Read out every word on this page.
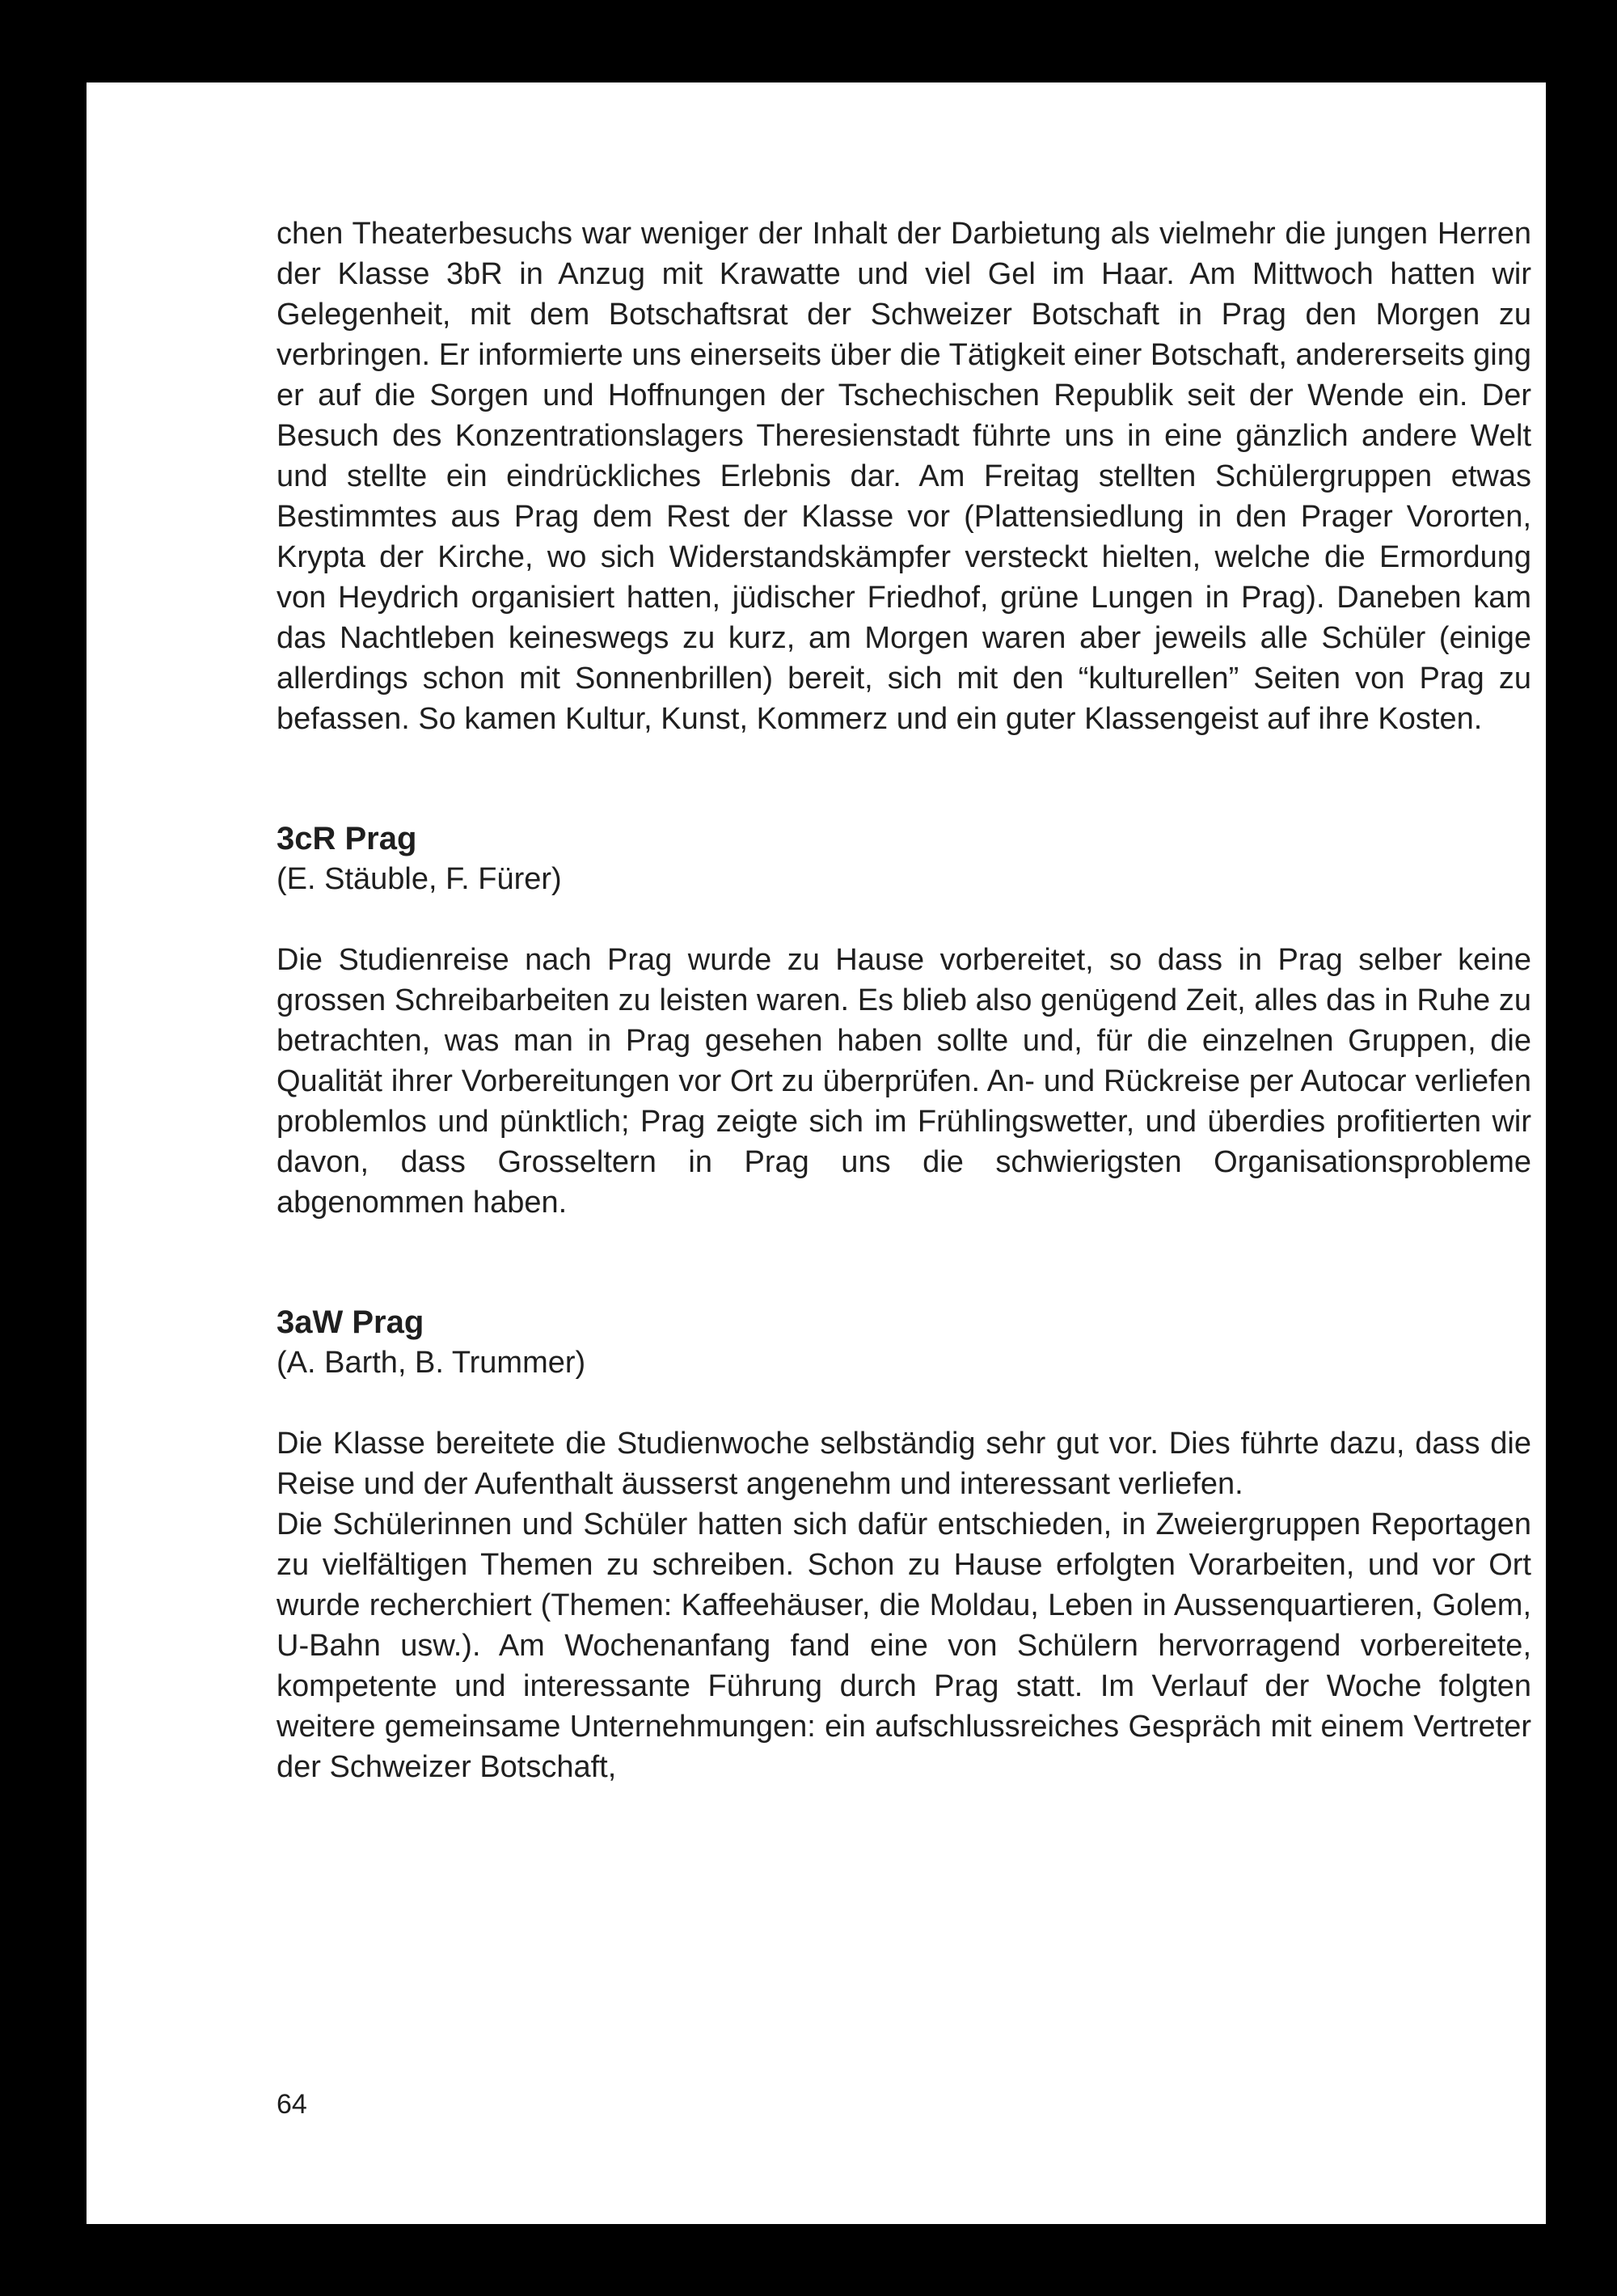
chen Theaterbesuchs war weniger der Inhalt der Darbietung als vielmehr die jungen Herren der Klasse 3bR in Anzug mit Krawatte und viel Gel im Haar. Am Mittwoch hatten wir Gelegenheit, mit dem Botschaftsrat der Schweizer Botschaft in Prag den Morgen zu verbringen. Er informierte uns einerseits über die Tätigkeit einer Botschaft, andererseits ging er auf die Sorgen und Hoffnungen der Tschechischen Republik seit der Wende ein. Der Besuch des Konzentrationslagers Theresienstadt führte uns in eine gänzlich andere Welt und stellte ein eindrückliches Erlebnis dar. Am Freitag stellten Schülergruppen etwas Bestimmtes aus Prag dem Rest der Klasse vor (Plattensiedlung in den Prager Vororten, Krypta der Kirche, wo sich Widerstandskämpfer versteckt hielten, welche die Ermordung von Heydrich organisiert hatten, jüdischer Friedhof, grüne Lungen in Prag). Daneben kam das Nachtleben keineswegs zu kurz, am Morgen waren aber jeweils alle Schüler (einige allerdings schon mit Sonnenbrillen) bereit, sich mit den “kulturellen” Seiten von Prag zu befassen. So kamen Kultur, Kunst, Kommerz und ein guter Klassengeist auf ihre Kosten.

3cR Prag

(E. Stäuble, F. Fürer)

Die Studienreise nach Prag wurde zu Hause vorbereitet, so dass in Prag selber keine grossen Schreibarbeiten zu leisten waren. Es blieb also genügend Zeit, alles das in Ruhe zu betrachten, was man in Prag gesehen haben sollte und, für die einzelnen Gruppen, die Qualität ihrer Vorbereitungen vor Ort zu überprüfen. An- und Rückreise per Autocar verliefen problemlos und pünktlich; Prag zeigte sich im Frühlingswetter, und überdies profitierten wir davon, dass Grosseltern in Prag uns die schwierigsten Organisationsprobleme abgenommen haben.

3aW Prag

(A. Barth, B. Trummer)

Die Klasse bereitete die Studienwoche selbständig sehr gut vor. Dies führte dazu, dass die Reise und der Aufenthalt äusserst angenehm und interessant verliefen.

Die Schülerinnen und Schüler hatten sich dafür entschieden, in Zweiergruppen Reportagen zu vielfältigen Themen zu schreiben. Schon zu Hause erfolgten Vorarbeiten, und vor Ort wurde recherchiert (Themen: Kaffeehäuser, die Moldau, Leben in Aussenquartieren, Golem, U-Bahn usw.). Am Wochenanfang fand eine von Schülern hervorragend vorbereitete, kompetente und interessante Führung durch Prag statt. Im Verlauf der Woche folgten weitere gemeinsame Unternehmungen: ein aufschlussreiches Gespräch mit einem Vertreter der Schweizer Botschaft,

64
